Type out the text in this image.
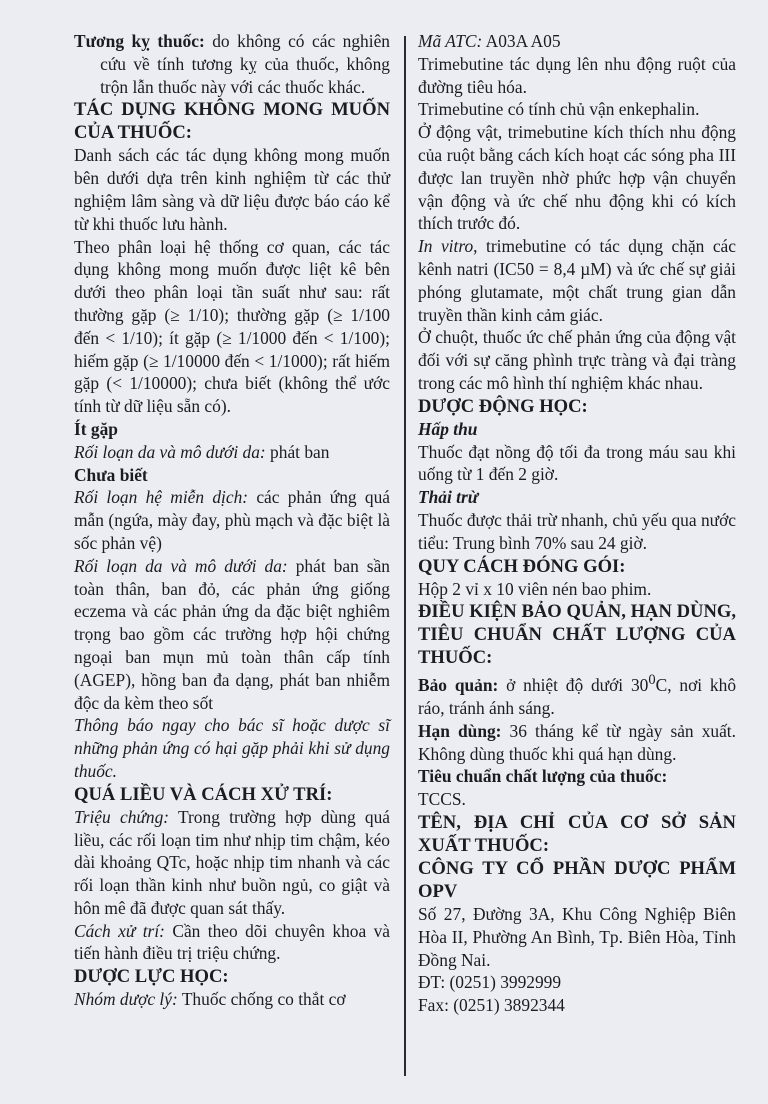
Tương kỵ thuốc: do không có các nghiên cứu về tính tương kỵ của thuốc, không trộn lẫn thuốc này với các thuốc khác.

TÁC DỤNG KHÔNG MONG MUỐN CỦA THUỐC:

Danh sách các tác dụng không mong muốn bên dưới dựa trên kinh nghiệm từ các thử nghiệm lâm sàng và dữ liệu được báo cáo kể từ khi thuốc lưu hành.

Theo phân loại hệ thống cơ quan, các tác dụng không mong muốn được liệt kê bên dưới theo phân loại tần suất như sau: rất thường gặp (≥ 1/10); thường gặp (≥ 1/100 đến < 1/10); ít gặp (≥ 1/1000 đến < 1/100); hiếm gặp (≥ 1/10000 đến < 1/1000); rất hiếm gặp (< 1/10000); chưa biết (không thể ước tính từ dữ liệu sẵn có).

Ít gặp

Rối loạn da và mô dưới da: phát ban

Chưa biết

Rối loạn hệ miễn dịch: các phản ứng quá mẫn (ngứa, mày đay, phù mạch và đặc biệt là sốc phản vệ)

Rối loạn da và mô dưới da: phát ban sần toàn thân, ban đỏ, các phản ứng giống eczema và các phản ứng da đặc biệt nghiêm trọng bao gồm các trường hợp hội chứng ngoại ban mụn mủ toàn thân cấp tính (AGEP), hồng ban đa dạng, phát ban nhiễm độc da kèm theo sốt

Thông báo ngay cho bác sĩ hoặc dược sĩ những phản ứng có hại gặp phải khi sử dụng thuốc.

QUÁ LIỀU VÀ CÁCH XỬ TRÍ:

Triệu chứng: Trong trường hợp dùng quá liều, các rối loạn tim như nhịp tim chậm, kéo dài khoảng QTc, hoặc nhịp tim nhanh và các rối loạn thần kinh như buồn ngủ, co giật và hôn mê đã được quan sát thấy.

Cách xử trí: Cần theo dõi chuyên khoa và tiến hành điều trị triệu chứng.

DƯỢC LỰC HỌC:

Nhóm dược lý: Thuốc chống co thắt cơ

Mã ATC: A03A A05

Trimebutine tác dụng lên nhu động ruột của đường tiêu hóa.

Trimebutine có tính chủ vận enkephalin.

Ở động vật, trimebutine kích thích nhu động của ruột bằng cách kích hoạt các sóng pha III được lan truyền nhờ phức hợp vận chuyển vận động và ức chế nhu động khi có kích thích trước đó.

In vitro, trimebutine có tác dụng chặn các kênh natri (IC50 = 8,4 µM) và ức chế sự giải phóng glutamate, một chất trung gian dẫn truyền thần kinh cảm giác.

Ở chuột, thuốc ức chế phản ứng của động vật đối với sự căng phình trực tràng và đại tràng trong các mô hình thí nghiệm khác nhau.

DƯỢC ĐỘNG HỌC:

Hấp thu

Thuốc đạt nồng độ tối đa trong máu sau khi uống từ 1 đến 2 giờ.

Thải trừ

Thuốc được thải trừ nhanh, chủ yếu qua nước tiểu: Trung bình 70% sau 24 giờ.

QUY CÁCH ĐÓNG GÓI:

Hộp 2 vỉ x 10 viên nén bao phim.

ĐIỀU KIỆN BẢO QUẢN, HẠN DÙNG, TIÊU CHUẨN CHẤT LƯỢNG CỦA THUỐC:

Bảo quản: ở nhiệt độ dưới $30^0C$, nơi khô ráo, tránh ánh sáng.

Hạn dùng: 36 tháng kể từ ngày sản xuất. Không dùng thuốc khi quá hạn dùng.

Tiêu chuẩn chất lượng của thuốc:

TCCS.

TÊN, ĐỊA CHỈ CỦA CƠ SỞ SẢN XUẤT THUỐC:

CÔNG TY CỔ PHẦN DƯỢC PHẨM OPV

Số 27, Đường 3A, Khu Công Nghiệp Biên Hòa II, Phường An Bình, Tp. Biên Hòa, Tỉnh Đồng Nai.

ĐT: (0251) 3992999

Fax: (0251) 3892344
